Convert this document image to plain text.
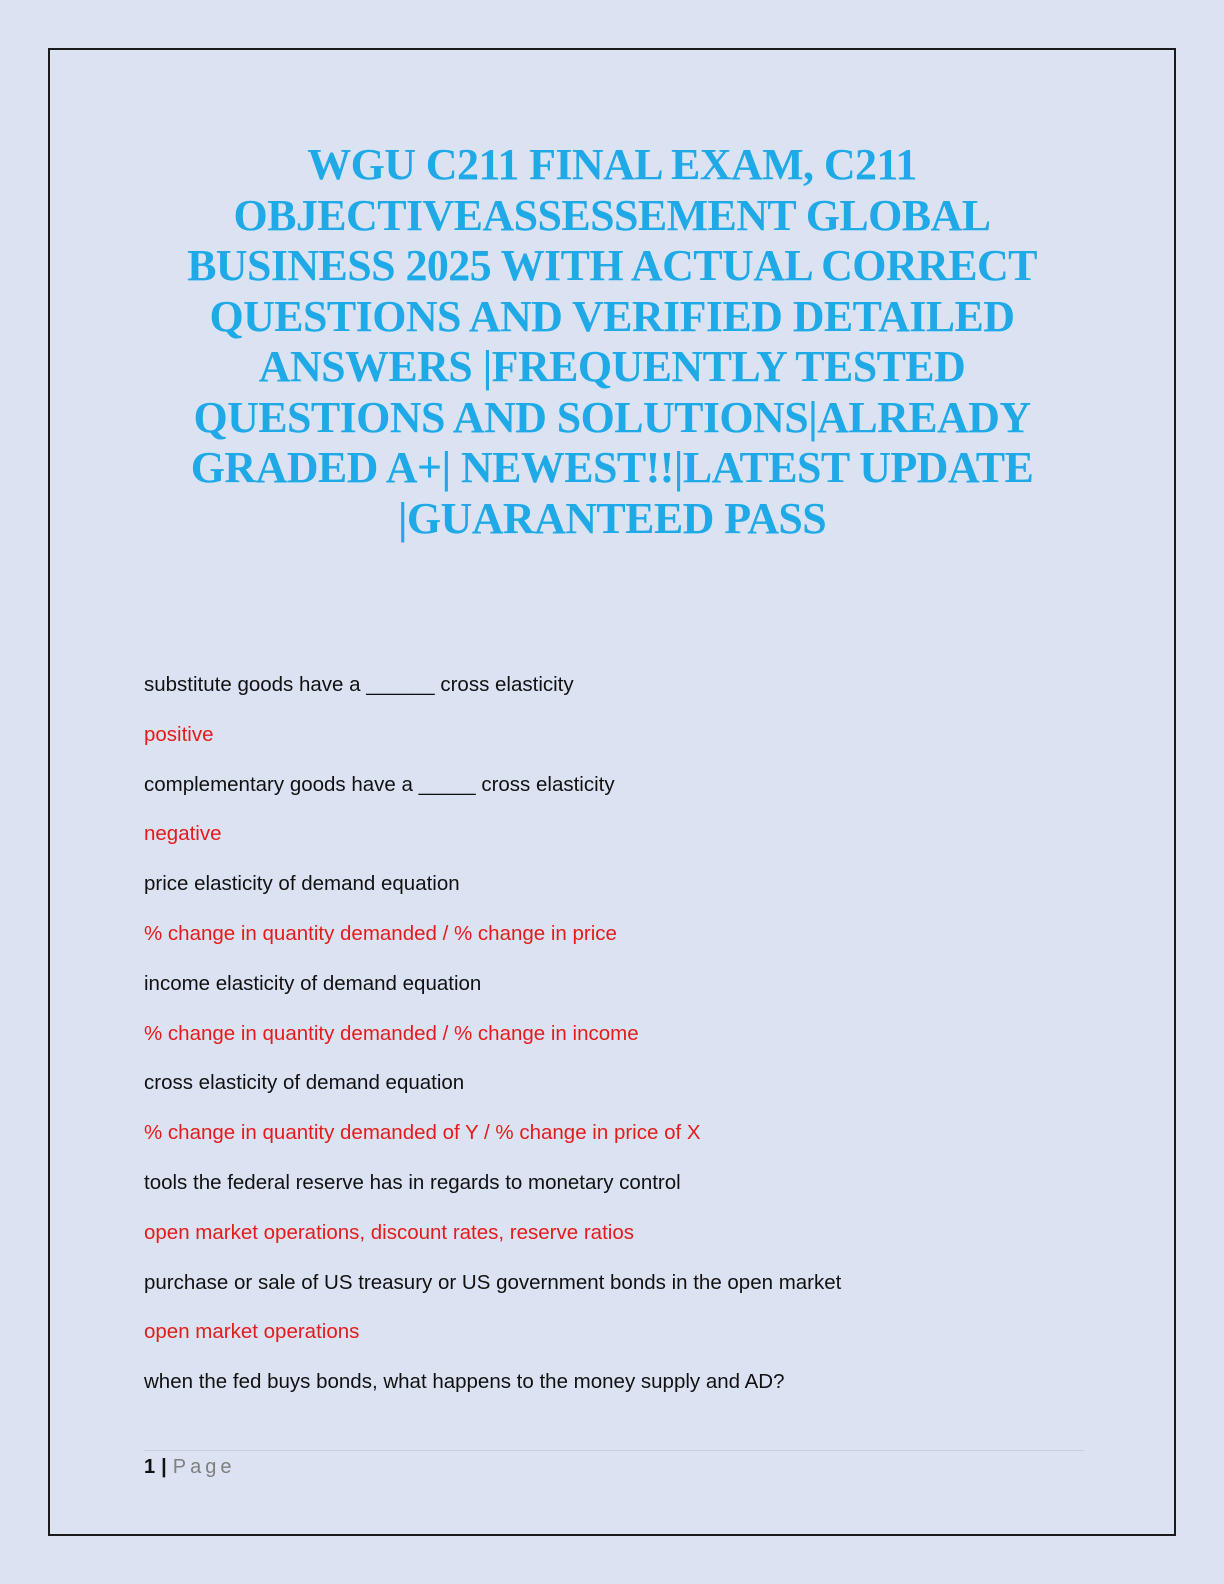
WGU C211 FINAL EXAM, C211
OBJECTIVEASSESSEMENT GLOBAL
BUSINESS 2025 WITH ACTUAL CORRECT
QUESTIONS AND VERIFIED DETAILED
ANSWERS |FREQUENTLY TESTED
QUESTIONS AND SOLUTIONS|ALREADY
GRADED A+| NEWEST!!|LATEST UPDATE
|GUARANTEED PASS
substitute goods have a ______ cross elasticity
positive
complementary goods have a _____ cross elasticity
negative
price elasticity of demand equation
% change in quantity demanded / % change in price
income elasticity of demand equation
% change in quantity demanded / % change in income
cross elasticity of demand equation
% change in quantity demanded of Y / % change in price of X
tools the federal reserve has in regards to monetary control
open market operations, discount rates, reserve ratios
purchase or sale of US treasury or US government bonds in the open market
open market operations
when the fed buys bonds, what happens to the money supply and AD?
1 | Page
